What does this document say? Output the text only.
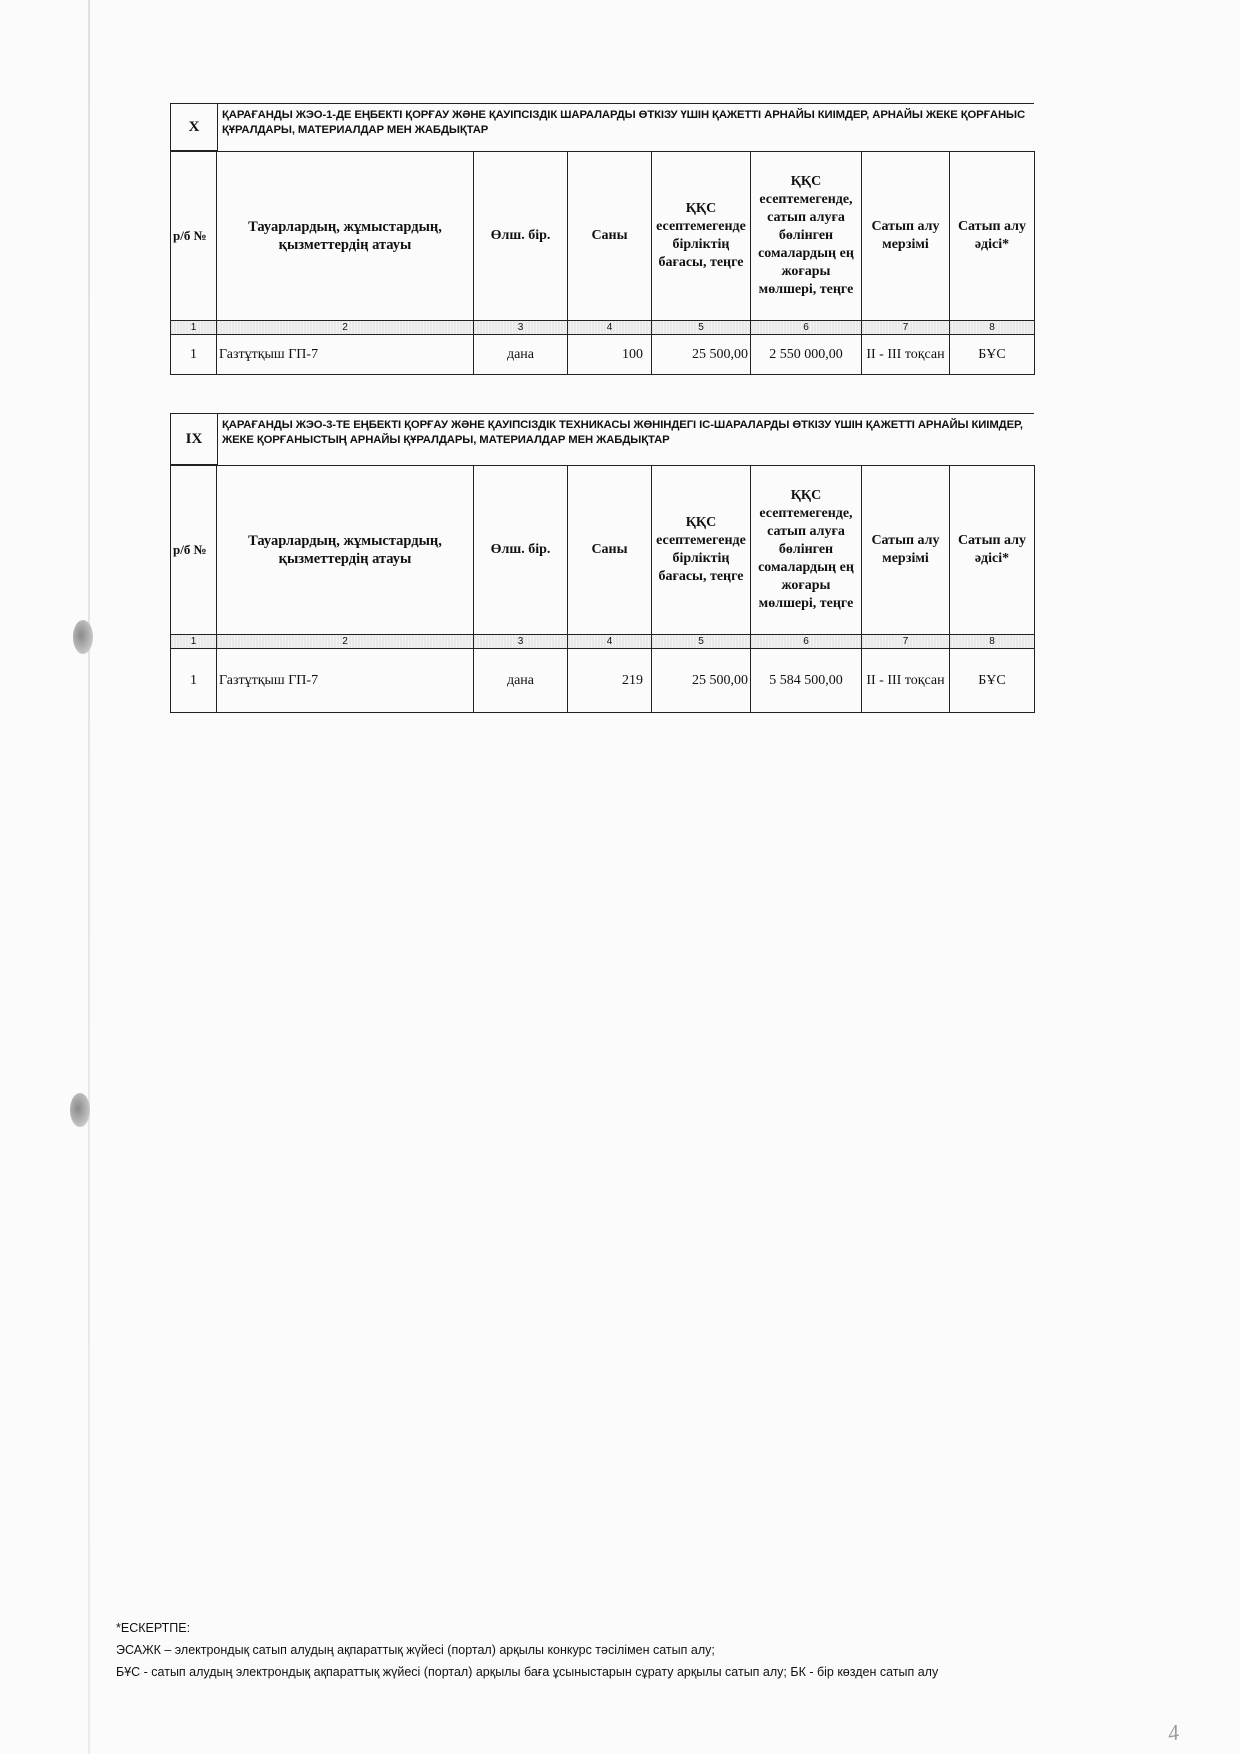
X
ҚАРАҒАНДЫ ЖЭО-1-ДЕ ЕҢБЕКТІ ҚОРҒАУ ЖӘНЕ ҚАУІПСІЗДІК ШАРАЛАРДЫ ӨТКІЗУ ҮШІН ҚАЖЕТТІ АРНАЙЫ КИІМДЕР, АРНАЙЫ ЖЕКЕ ҚОРҒАНЫС ҚҰРАЛДАРЫ, МАТЕРИАЛДАР МЕН ЖАБДЫҚТАР
р/б №	Тауарлардың, жұмыстардың, қызметтердің атауы	Өлш. бір.	Саны	ҚҚС есептемегенде бірліктің бағасы, теңге	ҚҚС есептемегенде, сатып алуға бөлінген сомалардың ең жоғары мөлшері, теңге	Сатып алу мерзімі	Сатып алу әдісі*
1	2	3	4	5	6	7	8
1	Газтұтқыш ГП-7	дана	100	25 500,00	2 550 000,00	II - III тоқсан	БҰС
IX
ҚАРАҒАНДЫ ЖЭО-3-ТЕ ЕҢБЕКТІ ҚОРҒАУ ЖӘНЕ ҚАУІПСІЗДІК ТЕХНИКАСЫ ЖӨНІНДЕГІ ІС-ШАРАЛАРДЫ ӨТКІЗУ ҮШІН ҚАЖЕТТІ АРНАЙЫ КИІМДЕР, ЖЕКЕ ҚОРҒАНЫСТЫҢ АРНАЙЫ ҚҰРАЛДАРЫ, МАТЕРИАЛДАР МЕН ЖАБДЫҚТАР
р/б №	Тауарлардың, жұмыстардың, қызметтердің атауы	Өлш. бір.	Саны	ҚҚС есептемегенде бірліктің бағасы, теңге	ҚҚС есептемегенде, сатып алуға бөлінген сомалардың ең жоғары мөлшері, теңге	Сатып алу мерзімі	Сатып алу әдісі*
1	2	3	4	5	6	7	8
1	Газтұтқыш ГП-7	дана	219	25 500,00	5 584 500,00	II - III тоқсан	БҰС
*ЕСКЕРТПЕ:
ЭСАЖК – электрондық сатып алудың ақпараттық жүйесі (портал) арқылы конкурс тәсілімен сатып алу;
БҰС - сатып алудың электрондық ақпараттық жүйесі (портал) арқылы баға ұсыныстарын сұрату арқылы сатып алу; БК - бір көзден сатып алу
4
